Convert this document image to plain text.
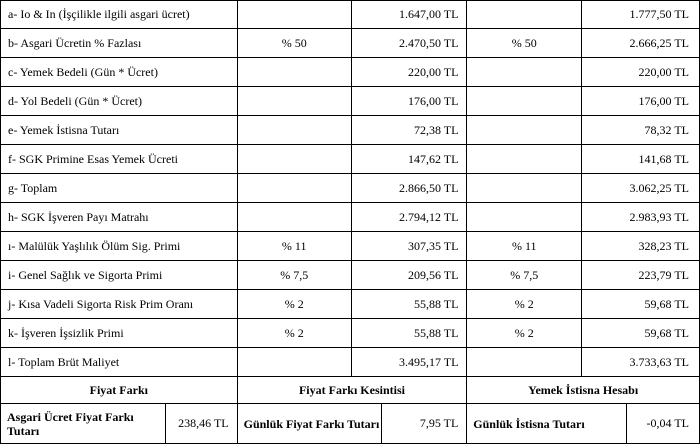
a- Io & In (İşçilikle ilgili asgari ücret)		1.647,00 TL		1.777,50 TL
b- Asgari Ücretin % Fazlası	% 50	2.470,50 TL	% 50	2.666,25 TL
c- Yemek Bedeli (Gün * Ücret)		220,00 TL		220,00 TL
d- Yol Bedeli (Gün * Ücret)		176,00 TL		176,00 TL
e- Yemek İstisna Tutarı		72,38 TL		78,32 TL
f- SGK Primine Esas Yemek Ücreti		147,62 TL		141,68 TL
g- Toplam		2.866,50 TL		3.062,25 TL
h- SGK İşveren Payı Matrahı		2.794,12 TL		2.983,93 TL
ı- Malülük Yaşlılık Ölüm Sig. Primi	% 11	307,35 TL	% 11	328,23 TL
i- Genel Sağlık ve Sigorta Primi	% 7,5	209,56 TL	% 7,5	223,79 TL
j- Kısa Vadeli Sigorta Risk Prim Oranı	% 2	55,88 TL	% 2	59,68 TL
k- İşveren İşsizlik Primi	% 2	55,88 TL	% 2	59,68 TL
l- Toplam Brüt Maliyet		3.495,17 TL		3.733,63 TL
Fiyat Farkı		Fiyat Farkı Kesintisi		Yemek İstisna Hesabı	
Asgari Ücret Fiyat Farkı Tutarı	238,46 TL	Günlük Fiyat Farkı Tutarı	7,95 TL	Günlük İstisna Tutarı	-0,04 TL
